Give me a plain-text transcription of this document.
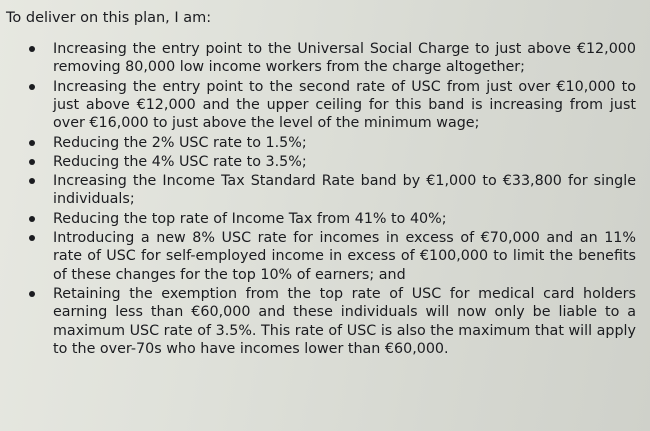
To deliver on this plan, I am:
Increasing the entry point to the Universal Social Charge to just above €12,000 removing 80,000 low income workers from the charge altogether;
Increasing the entry point to the second rate of USC from just over €10,000 to just above €12,000 and the upper ceiling for this band is increasing from just over €16,000 to just above the level of the minimum wage;
Reducing the 2% USC rate to 1.5%;
Reducing the 4% USC rate to 3.5%;
Increasing the Income Tax Standard Rate band by €1,000 to €33,800 for single individuals;
Reducing the top rate of Income Tax from 41% to 40%;
Introducing a new 8% USC rate for incomes in excess of €70,000 and an 11% rate of USC for self-employed income in excess of €100,000 to limit the benefits of these changes for the top 10% of earners; and
Retaining the exemption from the top rate of USC for medical card holders earning less than €60,000 and these individuals will now only be liable to a maximum USC rate of 3.5%. This rate of USC is also the maximum that will apply to the over-70s who have incomes lower than €60,000.
